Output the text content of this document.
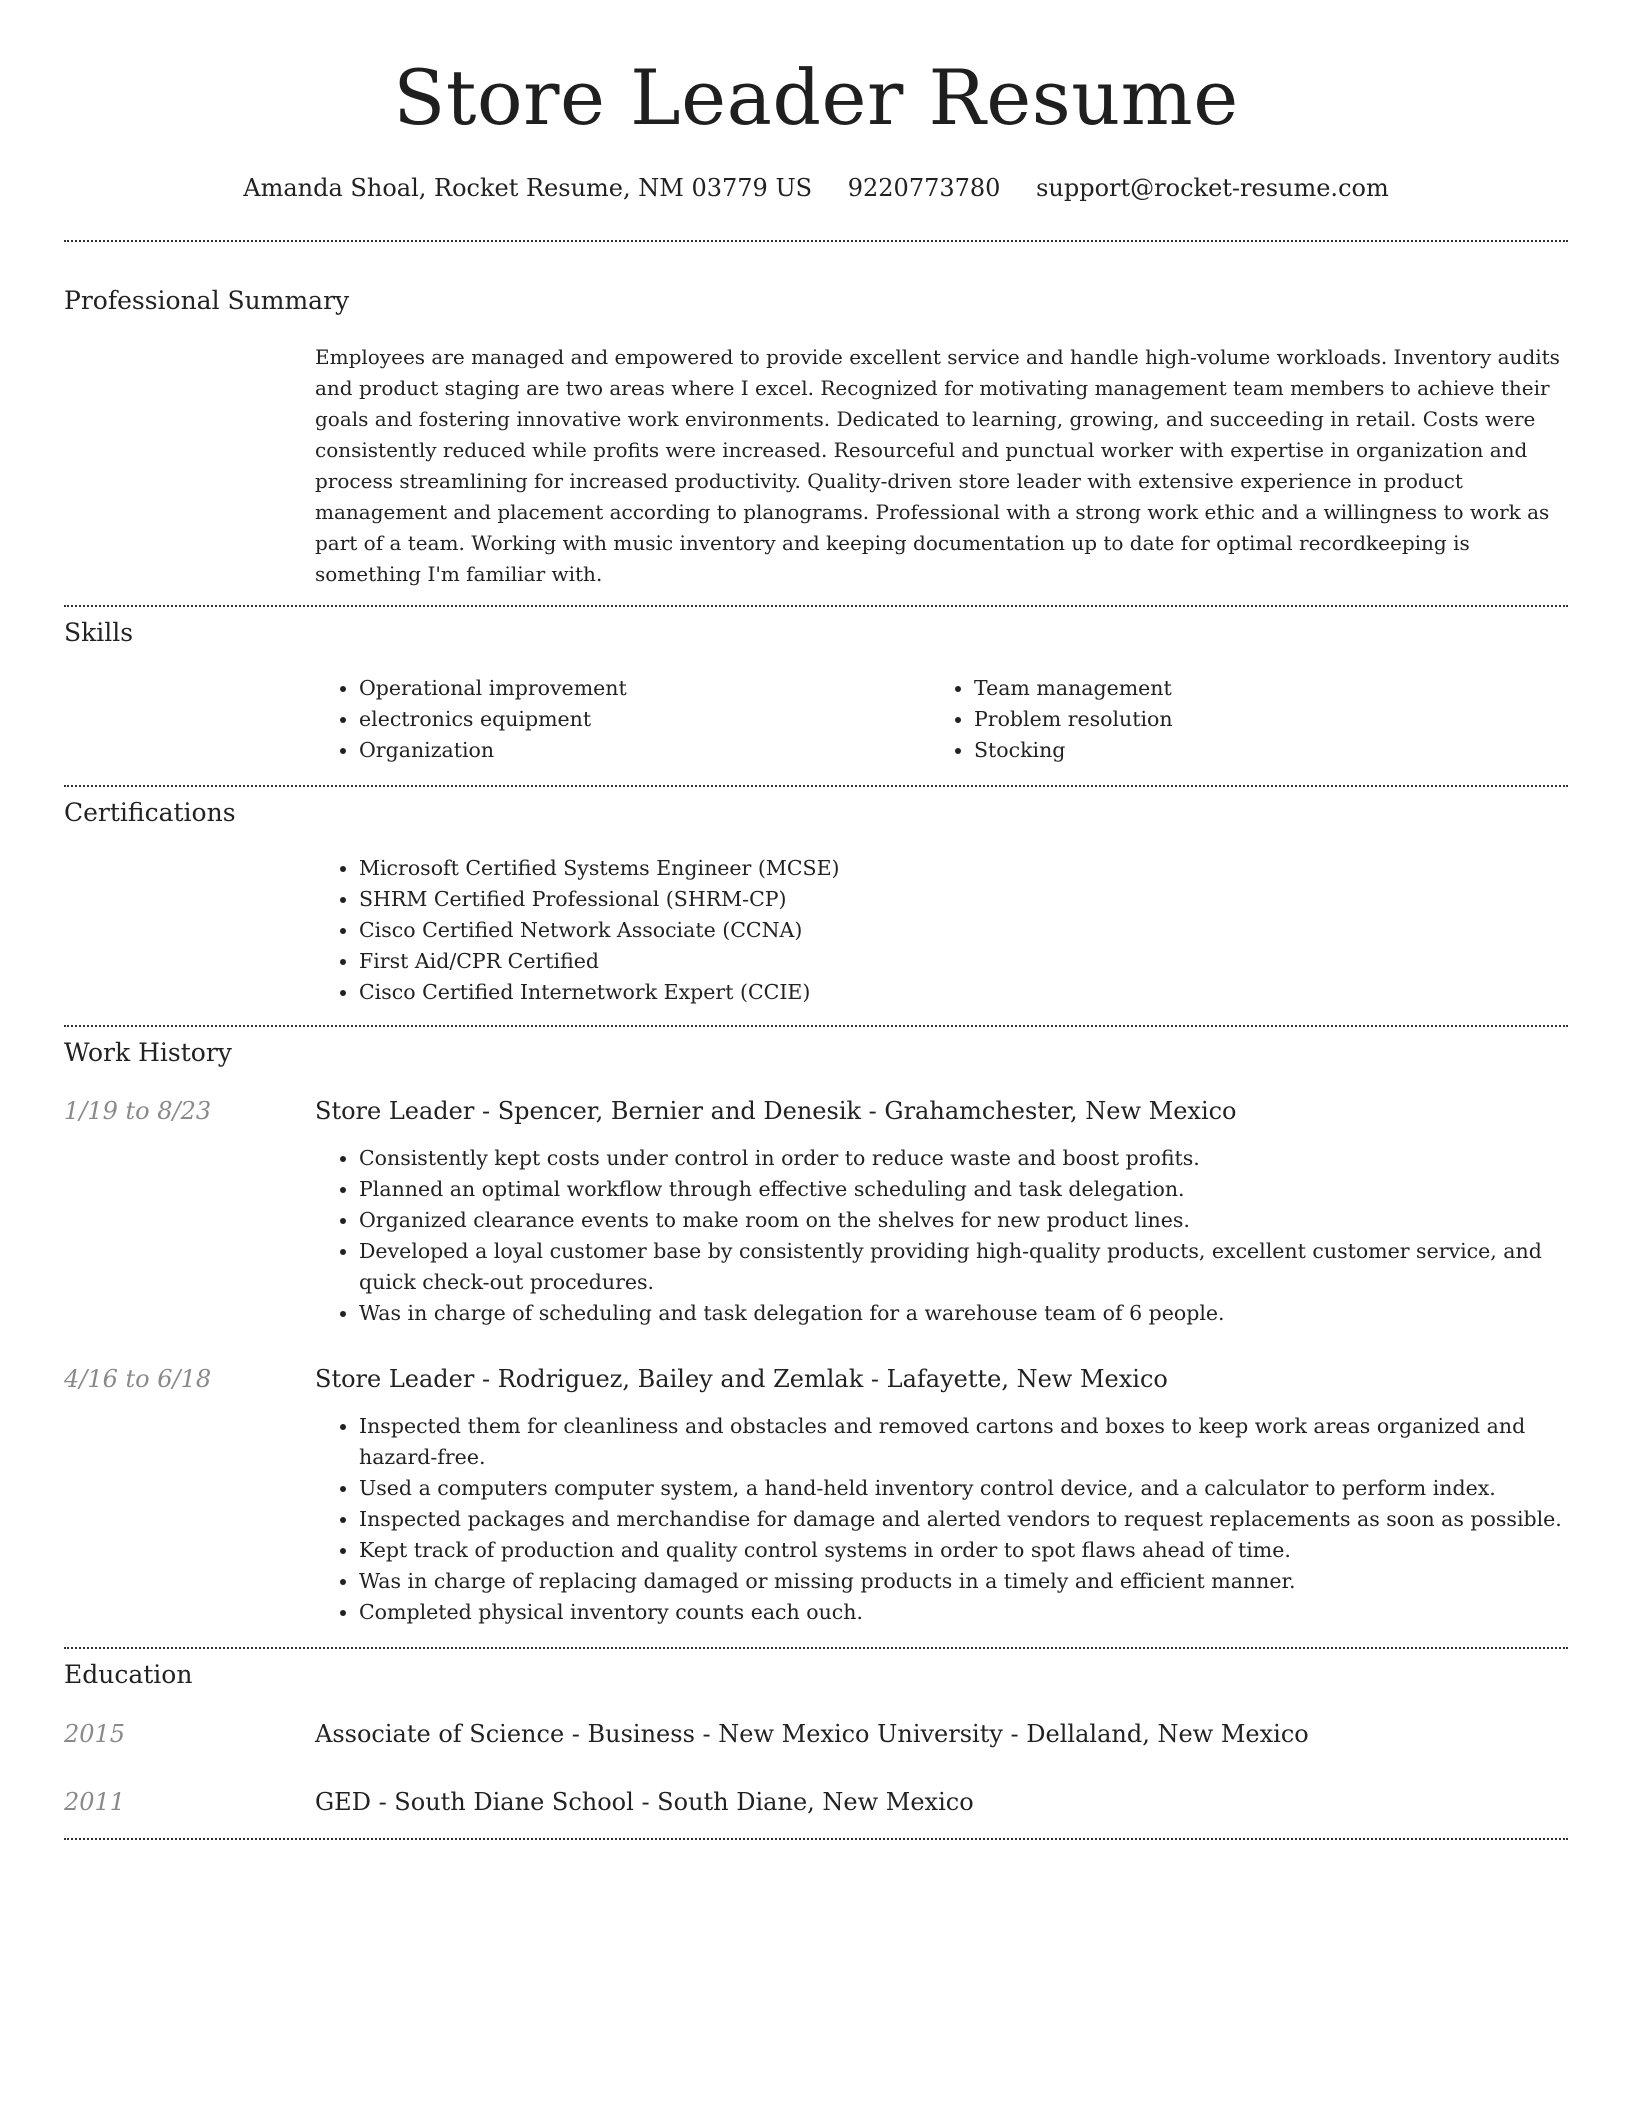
Store Leader Resume
Amanda Shoal, Rocket Resume, NM 03779 US 9220773780 support@rocket-resume.com
Professional Summary

Employees are managed and empowered to provide excellent service and handle high-volume workloads. Inventory audits and product staging are two areas where I excel. Recognized for motivating management team members to achieve their goals and fostering innovative work environments. Dedicated to learning, growing, and succeeding in retail. Costs were consistently reduced while profits were increased. Resourceful and punctual worker with expertise in organization and process streamlining for increased productivity. Quality-driven store leader with extensive experience in product management and placement according to planograms. Professional with a strong work ethic and a willingness to work as part of a team. Working with music inventory and keeping documentation up to date for optimal recordkeeping is something I'm familiar with.

Skills
• Operational improvement
• electronics equipment
• Organization
• Team management
• Problem resolution
• Stocking
Certifications
• Microsoft Certified Systems Engineer (MCSE)
• SHRM Certified Professional (SHRM-CP)
• Cisco Certified Network Associate (CCNA)
• First Aid/CPR Certified
• Cisco Certified Internetwork Expert (CCIE)
Work History
1/19 to 8/23	Store Leader - Spencer, Bernier and Denesik - Grahamchester, New Mexico
• Consistently kept costs under control in order to reduce waste and boost profits.
• Planned an optimal workflow through effective scheduling and task delegation.
• Organized clearance events to make room on the shelves for new product lines.
• Developed a loyal customer base by consistently providing high-quality products, excellent customer service, and quick check-out procedures.
• Was in charge of scheduling and task delegation for a warehouse team of 6 people.
4/16 to 6/18	Store Leader - Rodriguez, Bailey and Zemlak - Lafayette, New Mexico
• Inspected them for cleanliness and obstacles and removed cartons and boxes to keep work areas organized and hazard-free.
• Used a computers computer system, a hand-held inventory control device, and a calculator to perform index.
• Inspected packages and merchandise for damage and alerted vendors to request replacements as soon as possible.
• Kept track of production and quality control systems in order to spot flaws ahead of time.
• Was in charge of replacing damaged or missing products in a timely and efficient manner.
• Completed physical inventory counts each ouch.
Education
2015	Associate of Science - Business - New Mexico University - Dellaland, New Mexico
2011	GED - South Diane School - South Diane, New Mexico
